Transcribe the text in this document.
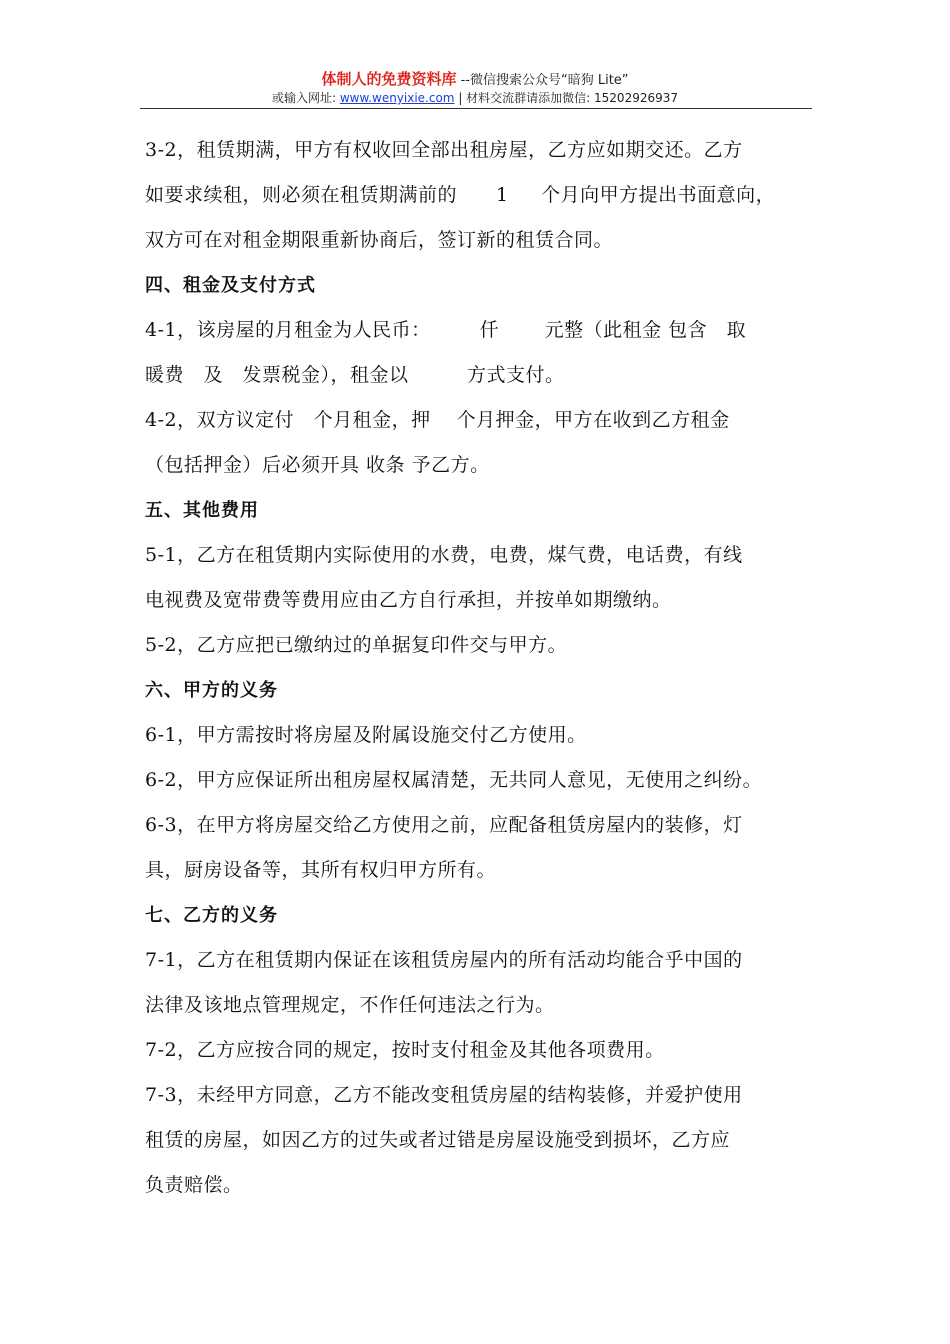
体制人的免费资料库 --微信搜索公众号“暗狗 Lite”
或输入网址: www.wenyixie.com | 材料交流群请添加微信: 15202926937
3-2，租赁期满，甲方有权收回全部出租房屋，乙方应如期交还。乙方
如要求续租，则必须在租赁期满前的　　1　  个月向甲方提出书面意向，
双方可在对租金期限重新协商后，签订新的租赁合同。
四、租金及支付方式
4-1，该房屋的月租金为人民币：　　　仟　　 元整（此租金 包含　取
暖费　及　发票税金），租金以　　　方式支付。
4-2，双方议定付　个月租金，押　 个月押金，甲方在收到乙方租金
（包括押金）后必须开具 收条 予乙方。
五、其他费用
5-1，乙方在租赁期内实际使用的水费，电费，煤气费，电话费，有线
电视费及宽带费等费用应由乙方自行承担，并按单如期缴纳。
5-2，乙方应把已缴纳过的单据复印件交与甲方。
六、甲方的义务
6-1，甲方需按时将房屋及附属设施交付乙方使用。
6-2，甲方应保证所出租房屋权属清楚，无共同人意见，无使用之纠纷。
6-3，在甲方将房屋交给乙方使用之前，应配备租赁房屋内的装修，灯
具，厨房设备等，其所有权归甲方所有。
七、乙方的义务
7-1，乙方在租赁期内保证在该租赁房屋内的所有活动均能合乎中国的
法律及该地点管理规定，不作任何违法之行为。
7-2，乙方应按合同的规定，按时支付租金及其他各项费用。
7-3，未经甲方同意，乙方不能改变租赁房屋的结构装修，并爱护使用
租赁的房屋，如因乙方的过失或者过错是房屋设施受到损坏，乙方应
负责赔偿。
